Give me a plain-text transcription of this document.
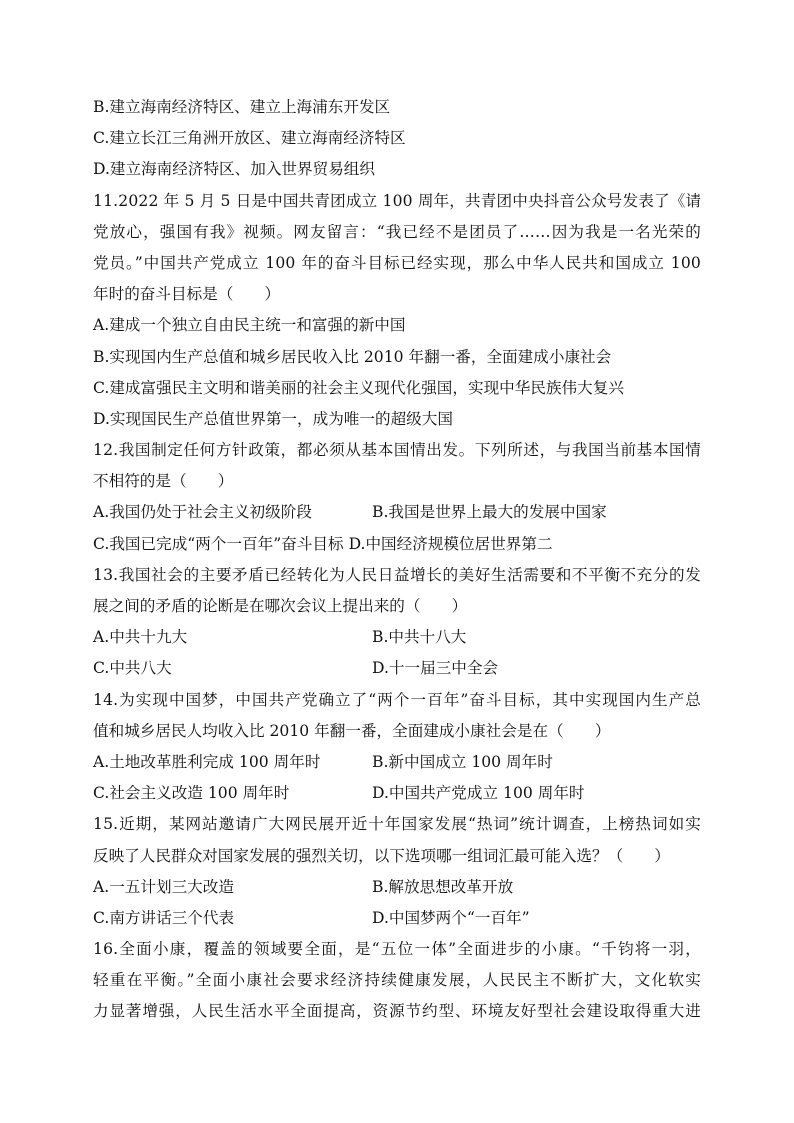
B.建立海南经济特区、建立上海浦东开发区
C.建立长江三角洲开放区、建立海南经济特区
D.建立海南经济特区、加入世界贸易组织
11.2022 年 5 月 5 日是中国共青团成立 100 周年，共青团中央抖音公众号发表了《请
党放心，强国有我》视频。网友留言：“我已经不是团员了……因为我是一名光荣的
党员。”中国共产党成立 100 年的奋斗目标已经实现，那么中华人民共和国成立 100
年时的奋斗目标是（　　）
A.建成一个独立自由民主统一和富强的新中国
B.实现国内生产总值和城乡居民收入比 2010 年翻一番，全面建成小康社会
C.建成富强民主文明和谐美丽的社会主义现代化强国，实现中华民族伟大复兴
D.实现国民生产总值世界第一，成为唯一的超级大国
12.我国制定任何方针政策，都必须从基本国情出发。下列所述，与我国当前基本国情
不相符的是（　　）
A.我国仍处于社会主义初级阶段	B.我国是世界上最大的发展中国家
C.我国已完成“两个一百年”奋斗目标 D.中国经济规模位居世界第二
13.我国社会的主要矛盾已经转化为人民日益增长的美好生活需要和不平衡不充分的发
展之间的矛盾的论断是在哪次会议上提出来的（　　）
A.中共十九大	B.中共十八大
C.中共八大	D.十一届三中全会
14.为实现中国梦，中国共产党确立了“两个一百年”奋斗目标，其中实现国内生产总
值和城乡居民人均收入比 2010 年翻一番，全面建成小康社会是在（　　）
A.土地改革胜利完成 100 周年时	B.新中国成立 100 周年时
C.社会主义改造 100 周年时	D.中国共产党成立 100 周年时
15.近期，某网站邀请广大网民展开近十年国家发展“热词”统计调查，上榜热词如实
反映了人民群众对国家发展的强烈关切，以下选项哪一组词汇最可能入选？（　　）
A.一五计划三大改造	B.解放思想改革开放
C.南方讲话三个代表	D.中国梦两个“一百年”
16.全面小康，覆盖的领域要全面，是“五位一体”全面进步的小康。“千钧将一羽，
轻重在平衡。”全面小康社会要求经济持续健康发展，人民民主不断扩大，文化软实
力显著增强，人民生活水平全面提高，资源节约型、环境友好型社会建设取得重大进
